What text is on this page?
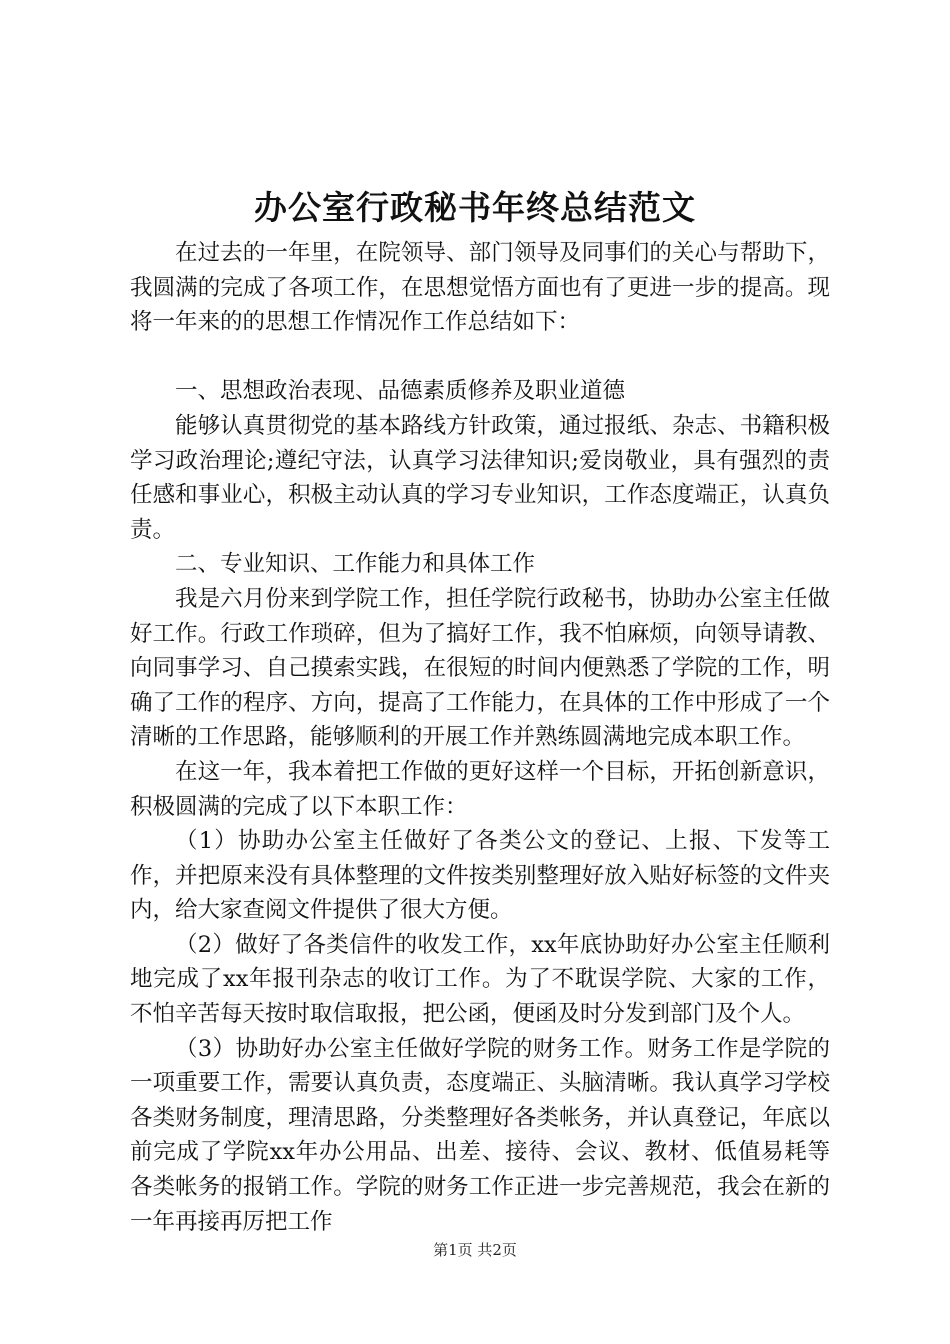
办公室行政秘书年终总结范文

在过去的一年里，在院领导、部门领导及同事们的关心与帮助下，我圆满的完成了各项工作，在思想觉悟方面也有了更进一步的提高。现将一年来的的思想工作情况作工作总结如下：

一、思想政治表现、品德素质修养及职业道德

能够认真贯彻党的基本路线方针政策，通过报纸、杂志、书籍积极学习政治理论;遵纪守法，认真学习法律知识;爱岗敬业，具有强烈的责任感和事业心，积极主动认真的学习专业知识，工作态度端正，认真负责。

二、专业知识、工作能力和具体工作

我是六月份来到学院工作，担任学院行政秘书，协助办公室主任做好工作。行政工作琐碎，但为了搞好工作，我不怕麻烦，向领导请教、向同事学习、自己摸索实践，在很短的时间内便熟悉了学院的工作，明确了工作的程序、方向，提高了工作能力，在具体的工作中形成了一个清晰的工作思路，能够顺利的开展工作并熟练圆满地完成本职工作。

在这一年，我本着把工作做的更好这样一个目标，开拓创新意识，积极圆满的完成了以下本职工作：

（1）协助办公室主任做好了各类公文的登记、上报、下发等工作，并把原来没有具体整理的文件按类别整理好放入贴好标签的文件夹内，给大家查阅文件提供了很大方便。

（2）做好了各类信件的收发工作，xx年底协助好办公室主任顺利地完成了xx年报刊杂志的收订工作。为了不耽误学院、大家的工作，不怕辛苦每天按时取信取报，把公函，便函及时分发到部门及个人。

（3）协助好办公室主任做好学院的财务工作。财务工作是学院的一项重要工作，需要认真负责，态度端正、头脑清晰。我认真学习学校各类财务制度，理清思路，分类整理好各类帐务，并认真登记，年底以前完成了学院xx年办公用品、出差、接待、会议、教材、低值易耗等各类帐务的报销工作。学院的财务工作正进一步完善规范，我会在新的一年再接再厉把工作

第1页 共2页
